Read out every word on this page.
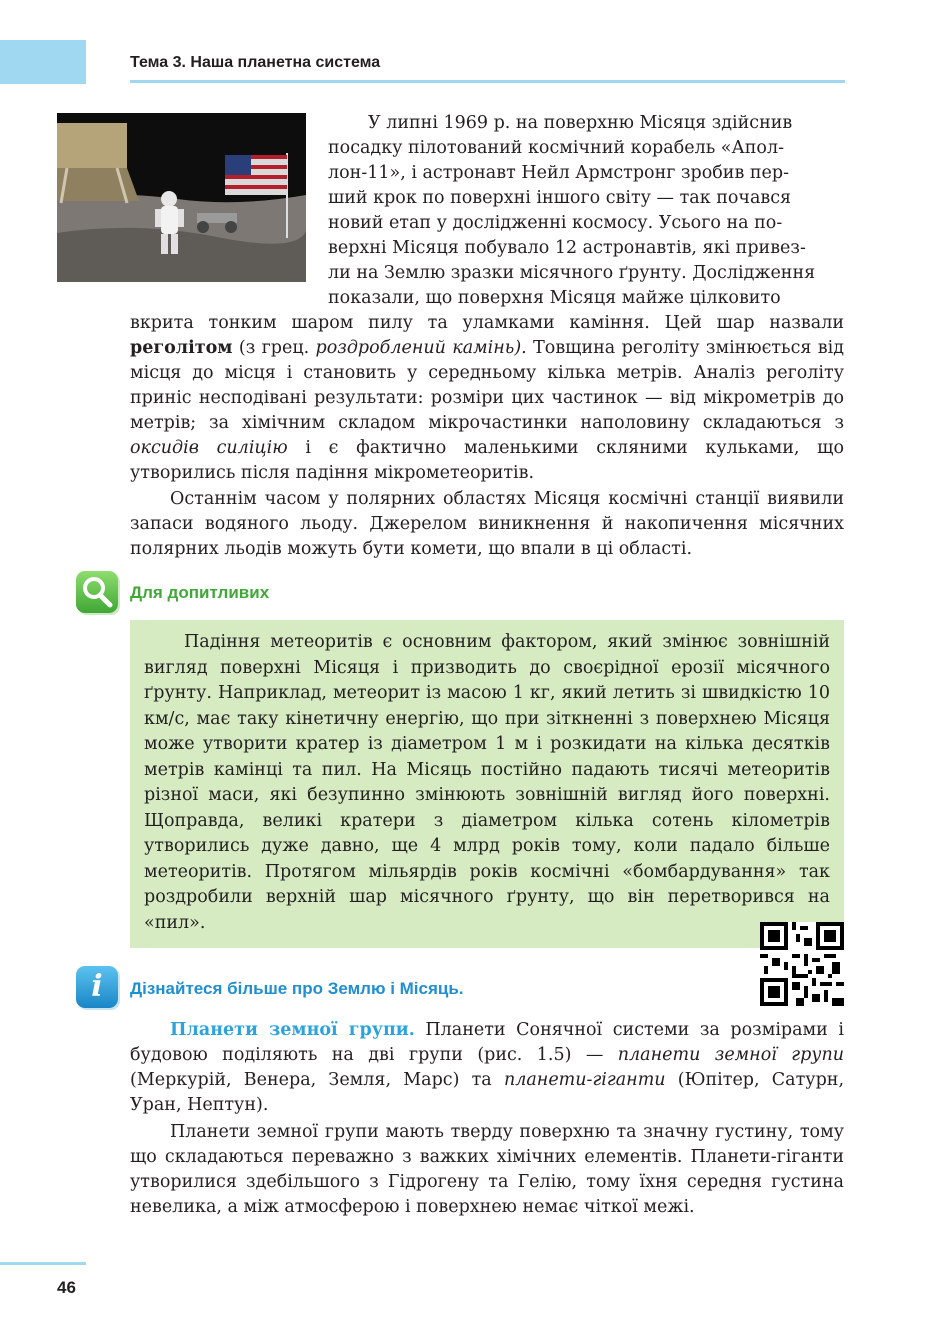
Тема 3. Наша планетна система
У липні 1969 р. на поверхню Місяця здійснив
посадку пілотований космічний корабель «Апол-
лон-11», і астронавт Нейл Армстронг зробив пер-
ший крок по поверхні іншого світу — так почався
новий етап у дослідженні космосу. Усього на по-
верхні Місяця побувало 12 астронавтів, які привез-
ли на Землю зразки місячного ґрунту. Дослідження
показали, що поверхня Місяця майже цілковито

вкрита тонким шаром пилу та уламками каміння. Цей шар назвали реголітом (з грец. роздроблений камінь). Товщина реголіту змінюється від місця до місця і становить у середньому кілька метрів. Аналіз реголіту приніс несподівані результати: розміри цих частинок — від мікрометрів до метрів; за хімічним складом мікрочастинки наполовину складаються з оксидів силіцію і є фактично маленькими скляними кульками, що утворились після падіння мікрометеоритів.

Останнім часом у полярних областях Місяця космічні станції виявили запаси водяного льоду. Джерелом виникнення й накопичення місячних полярних льодів можуть бути комети, що впали в ці області.

Для допитливих

Падіння метеоритів є основним фактором, який змінює зовнішній вигляд поверхні Місяця і призводить до своєрідної ерозії місячного ґрунту. Наприклад, метеорит із масою 1 кг, який летить зі швидкістю 10 км/с, має таку кінетичну енергію, що при зіткненні з поверхнею Місяця може утворити кратер із діаметром 1 м і розкидати на кілька десятків метрів камінці та пил. На Місяць постійно падають тисячі метеоритів різної маси, які безупинно змінюють зовнішній вигляд його поверхні. Щоправда, великі кратери з діаметром кілька сотень кілометрів утворились дуже давно, ще 4 млрд років тому, коли падало більше метеоритів. Протягом мільярдів років космічні «бомбардування» так роздробили верхній шар місячного ґрунту, що він перетворився на «пил».

i	Дізнайтеся більше про Землю і Місяць.

Планети земної групи. Планети Сонячної системи за розмірами і будовою поділяють на дві групи (рис. 1.5) — планети земної групи (Меркурій, Венера, Земля, Марс) та планети-гіганти (Юпітер, Сатурн, Уран, Нептун).

Планети земної групи мають тверду поверхню та значну густину, тому що складаються переважно з важких хімічних елементів. Планети-гіганти утворилися здебільшого з Гідрогену та Гелію, тому їхня середня густина невелика, а між атмосферою і поверхнею немає чіткої межі.

46
